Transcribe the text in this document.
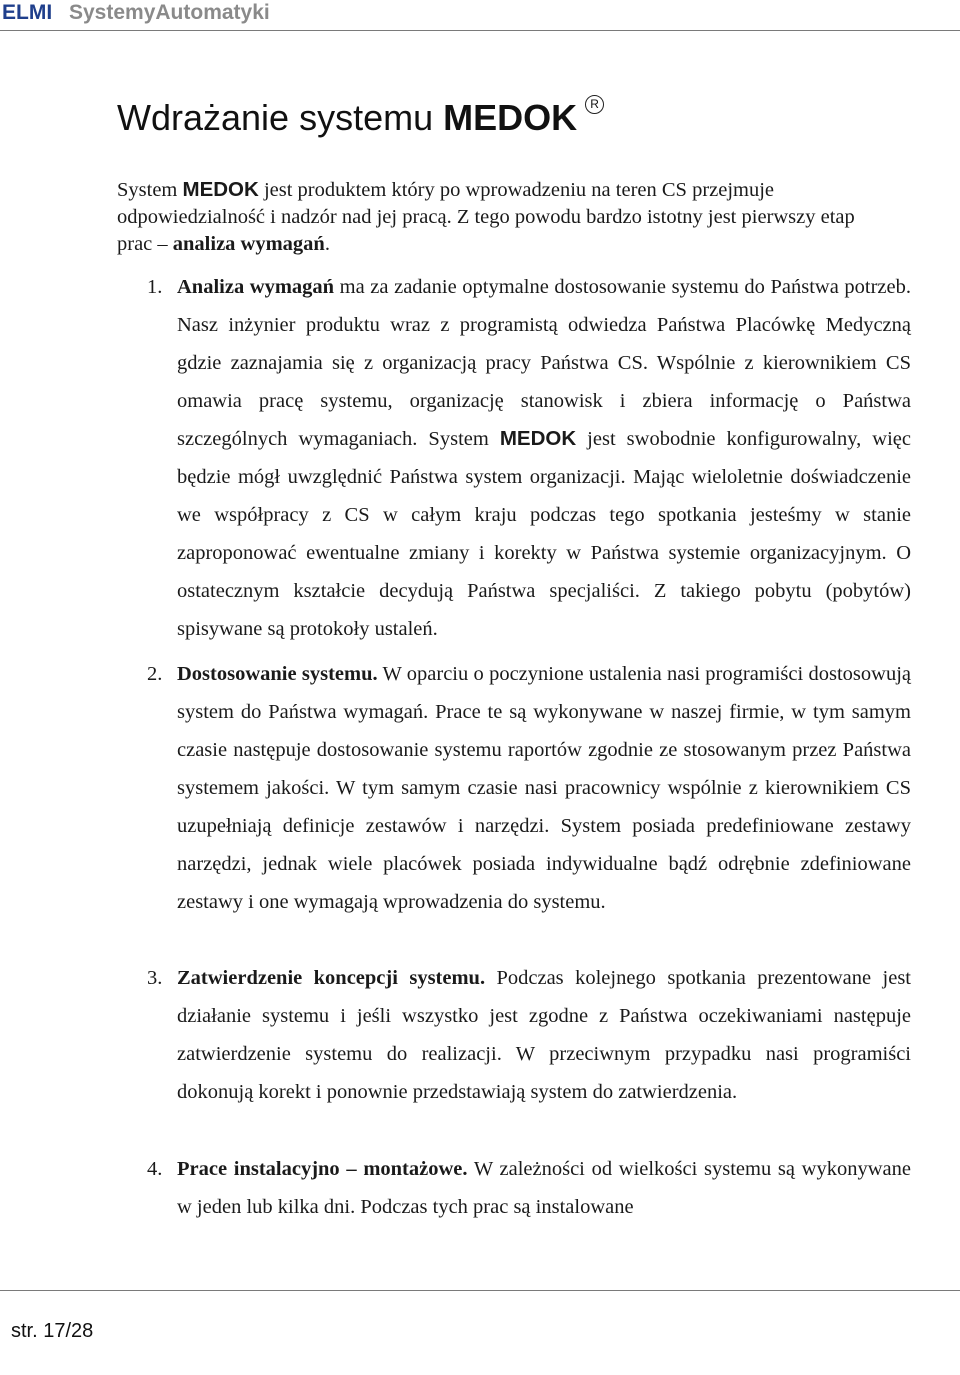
ELMI SystemyAutomatyki
Wdrażanie systemu MEDOK R

System MEDOK jest produktem który po wprowadzeniu na teren CS przejmuje odpowiedzialność i nadzór nad jej pracą. Z tego powodu bardzo istotny jest pierwszy etap prac – analiza wymagań.

1. Analiza wymagań ma za zadanie optymalne dostosowanie systemu do Państwa potrzeb. Nasz inżynier produktu wraz z programistą odwiedza Państwa Placówkę Medyczną gdzie zaznajamia się z organizacją pracy Państwa CS. Wspólnie z kierownikiem CS omawia pracę systemu, organizację stanowisk i zbiera informację o Państwa szczególnych wymaganiach. System MEDOK jest swobodnie konfigurowalny, więc będzie mógł uwzględnić Państwa system organizacji. Mając wieloletnie doświadczenie we współpracy z CS w całym kraju podczas tego spotkania jesteśmy w stanie zaproponować ewentualne zmiany i korekty w Państwa systemie organizacyjnym. O ostatecznym kształcie decydują Państwa specjaliści. Z takiego pobytu (pobytów) spisywane są protokoły ustaleń.

2. Dostosowanie systemu. W oparciu o poczynione ustalenia nasi programiści dostosowują system do Państwa wymagań. Prace te są wykonywane w naszej firmie, w tym samym czasie następuje dostosowanie systemu raportów zgodnie ze stosowanym przez Państwa systemem jakości. W tym samym czasie nasi pracownicy wspólnie z kierownikiem CS uzupełniają definicje zestawów i narzędzi. System posiada predefiniowane zestawy narzędzi, jednak wiele placówek posiada indywidualne bądź odrębnie zdefiniowane zestawy i one wymagają wprowadzenia do systemu.

3. Zatwierdzenie koncepcji systemu. Podczas kolejnego spotkania prezentowane jest działanie systemu i jeśli wszystko jest zgodne z Państwa oczekiwaniami następuje zatwierdzenie systemu do realizacji. W przeciwnym przypadku nasi programiści dokonują korekt i ponownie przedstawiają system do zatwierdzenia.

4. Prace instalacyjno – montażowe. W zależności od wielkości systemu są wykonywane w jeden lub kilka dni. Podczas tych prac są instalowane

str. 17/28
